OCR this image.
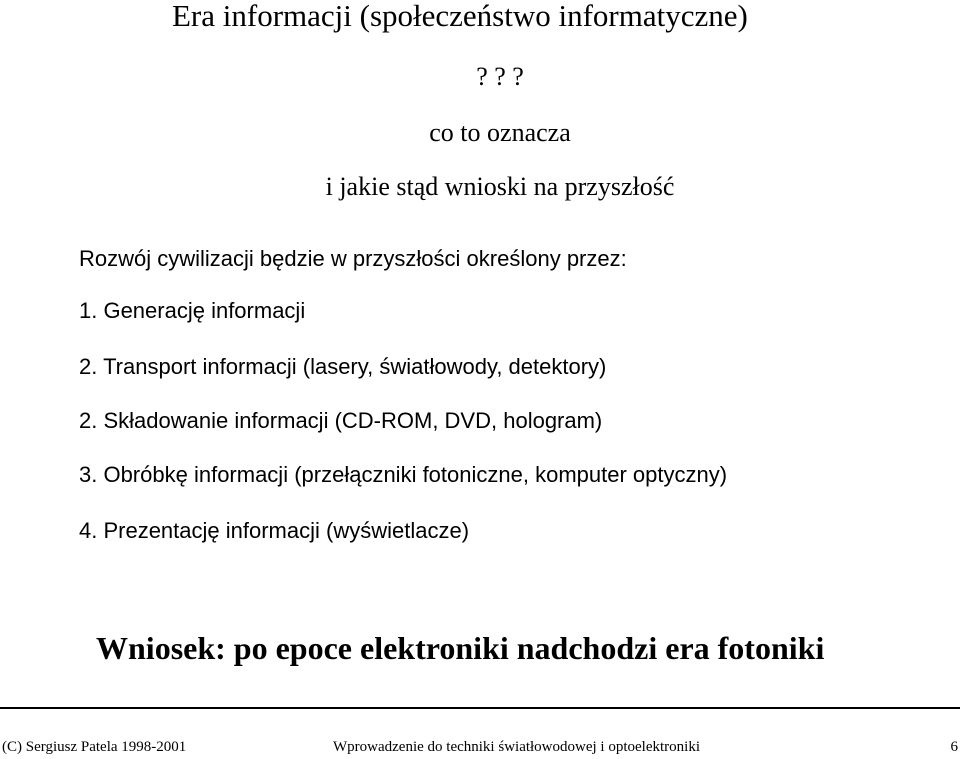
Era informacji (społeczeństwo informatyczne)
? ? ?
co to oznacza
i jakie stąd wnioski na przyszłość
Rozwój cywilizacji będzie w przyszłości określony przez:
1. Generację informacji
2. Transport informacji (lasery, światłowody, detektory)
2. Składowanie informacji (CD-ROM, DVD, hologram)
3. Obróbkę informacji (przełączniki fotoniczne, komputer optyczny)
4. Prezentację informacji (wyświetlacze)
Wniosek: po epoce elektroniki nadchodzi era fotoniki
(C) Sergiusz Patela 1998-2001	Wprowadzenie do techniki światłowodowej i optoelektroniki	6
